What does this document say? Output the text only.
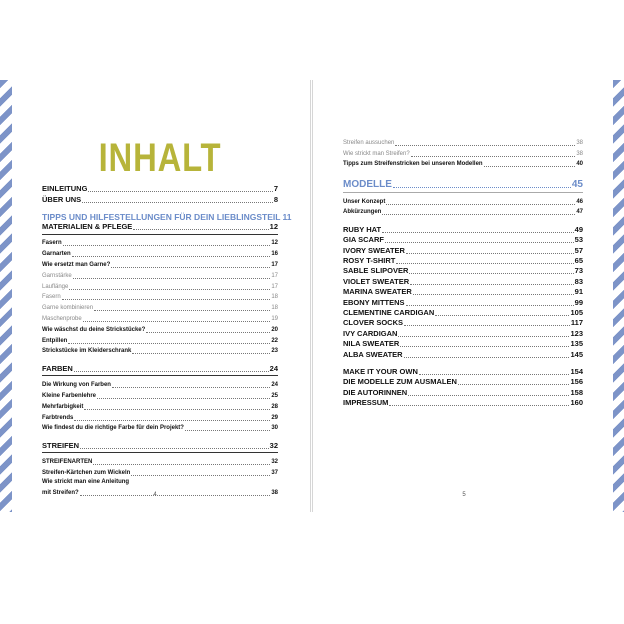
INHALT
EINLEITUNG	7
ÜBER UNS	8
TIPPS UND HILFESTELLUNGEN FÜR DEIN LIEBLINGSTEIL 11
MATERIALIEN & PFLEGE	12
Fasern	12
Garnarten	16
Wie ersetzt man Garne?	17
Garnstärke	17
Lauflänge	17
Fasern	18
Garne kombinieren	18
Maschenprobe	19
Wie wäschst du deine Strickstücke?	20
Entpillen	22
Strickstücke im Kleiderschrank	23
FARBEN	24
Die Wirkung von Farben	24
Kleine Farbenlehre	25
Mehrfarbigkeit	28
Farbtrends	29
Wie findest du die richtige Farbe für dein Projekt?	30
STREIFEN	32
STREIFENARTEN	32
Streifen-Kärtchen zum Wickeln	37
Wie strickt man eine Anleitung
mit Streifen?	38
4	5
Streifen aussuchen	38
Wie strickt man Streifen?	38
Tipps zum Streifenstricken bei unseren Modellen	40
MODELLE	45
Unser Konzept	46
Abkürzungen	47
RUBY HAT	49
GIA SCARF	53
IVORY SWEATER	57
ROSY T-SHIRT	65
SABLE SLIPOVER	73
VIOLET SWEATER	83
MARINA SWEATER	91
EBONY MITTENS	99
CLEMENTINE CARDIGAN	105
CLOVER SOCKS	117
IVY CARDIGAN	123
NILA SWEATER	135
ALBA SWEATER	145
MAKE IT YOUR OWN	154
DIE MODELLE ZUM AUSMALEN	156
DIE AUTORINNEN	158
IMPRESSUM	160
